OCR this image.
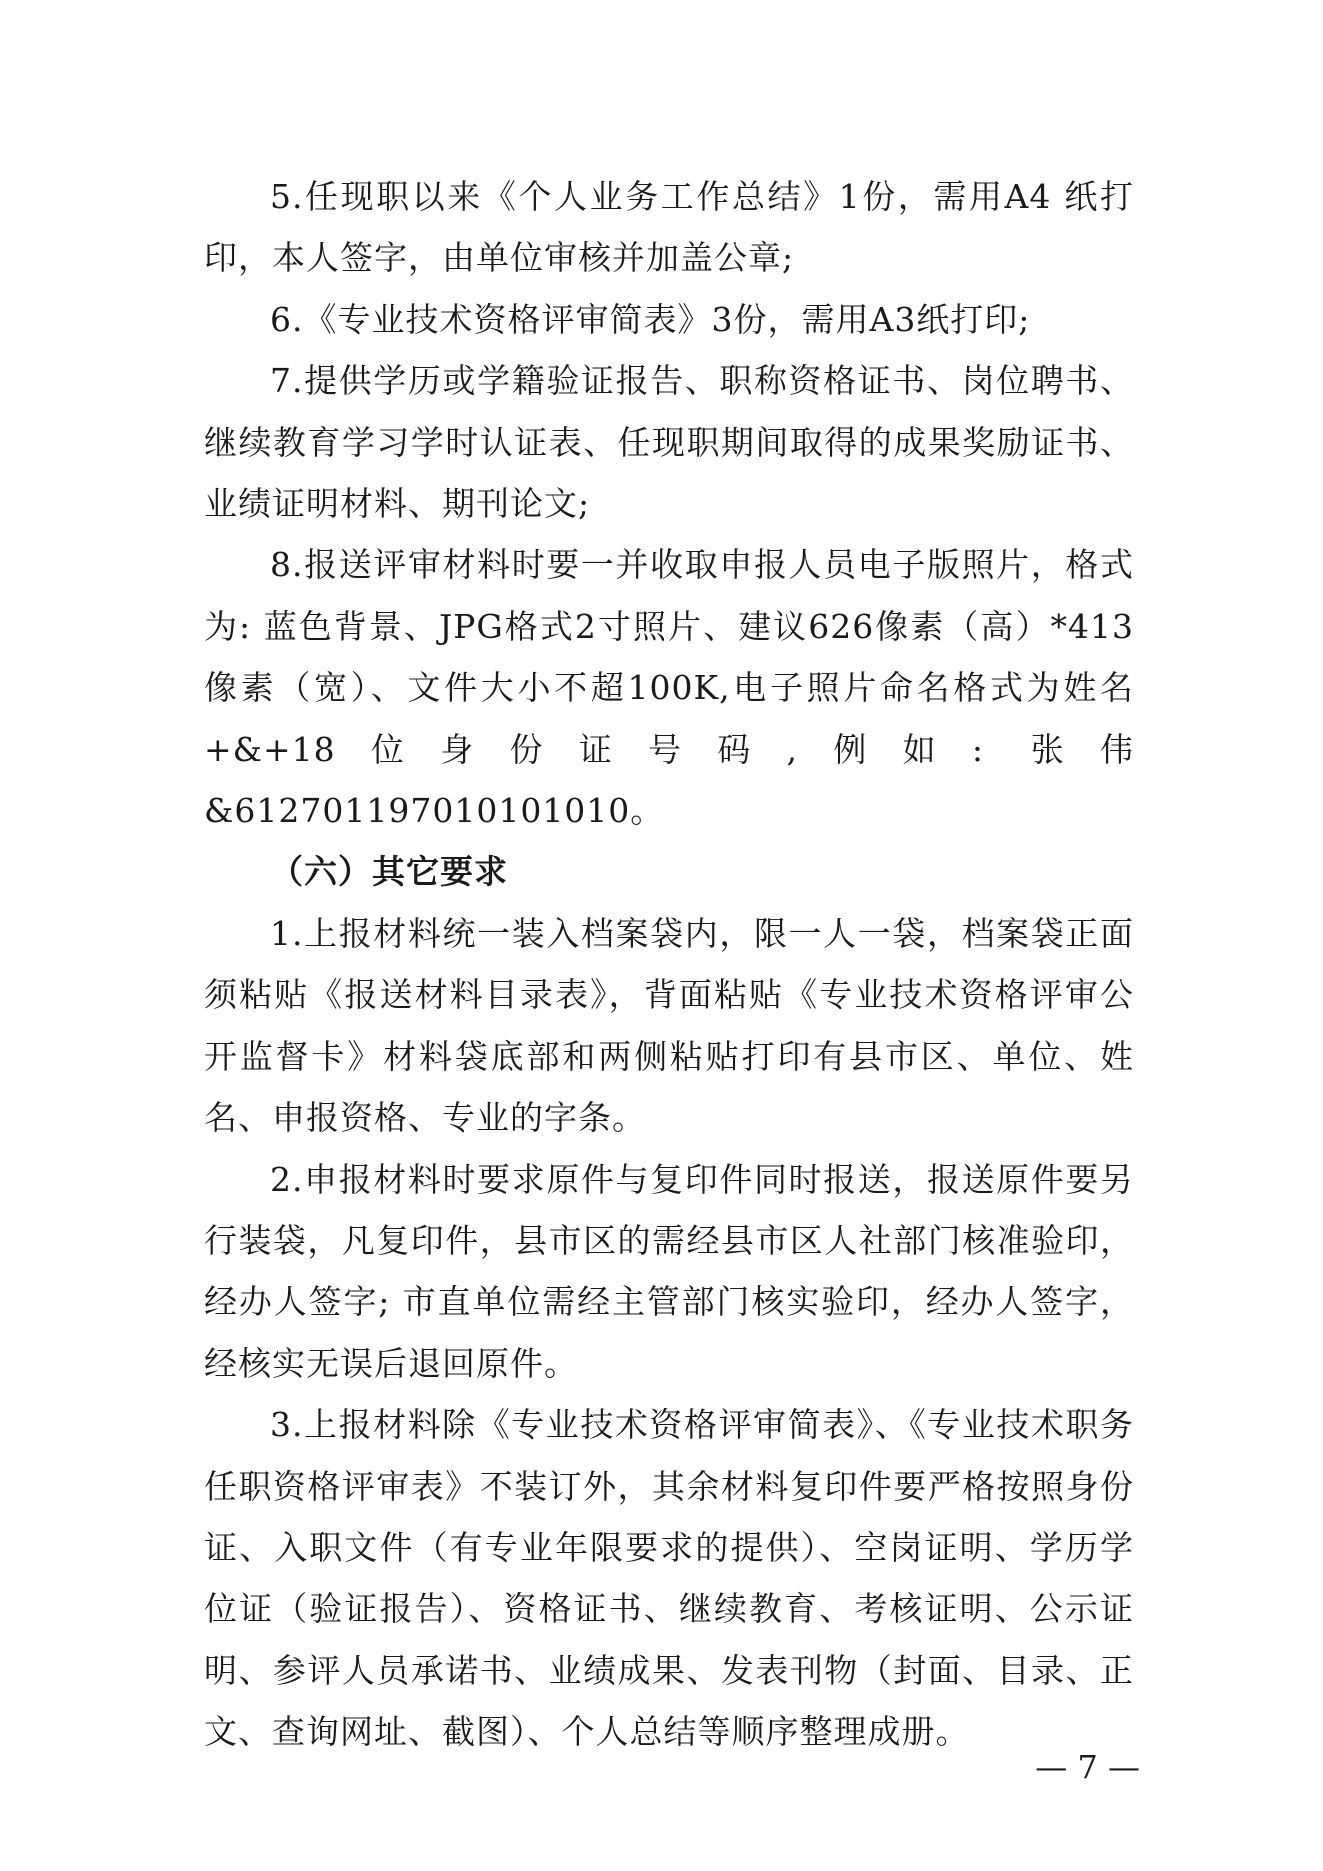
5.任现职以来《个人业务工作总结》1份，需用A4 纸打印，本人签字，由单位审核并加盖公章;

6.《专业技术资格评审简表》3份，需用A3纸打印;

7.提供学历或学籍验证报告、职称资格证书、岗位聘书、继续教育学习学时认证表、任现职期间取得的成果奖励证书、业绩证明材料、期刊论文;

8.报送评审材料时要一并收取申报人员电子版照片，格式为: 蓝色背景、JPG格式2寸照片、建议626像素（高）*413像素（宽）、文件大小不超100K,电子照片命名格式为姓名+&+18位身份证号码,例如: 张伟&612701197010101010。

（六）其它要求

1.上报材料统一装入档案袋内，限一人一袋，档案袋正面须粘贴《报送材料目录表》，背面粘贴《专业技术资格评审公开监督卡》材料袋底部和两侧粘贴打印有县市区、单位、姓名、申报资格、专业的字条。

2.申报材料时要求原件与复印件同时报送，报送原件要另行装袋，凡复印件，县市区的需经县市区人社部门核准验印，经办人签字; 市直单位需经主管部门核实验印，经办人签字，经核实无误后退回原件。

3.上报材料除《专业技术资格评审简表》、《专业技术职务任职资格评审表》不装订外，其余材料复印件要严格按照身份证、入职文件（有专业年限要求的提供）、空岗证明、学历学位证（验证报告）、资格证书、继续教育、考核证明、公示证明、参评人员承诺书、业绩成果、发表刊物（封面、目录、正文、查询网址、截图）、个人总结等顺序整理成册。

— 7 —
